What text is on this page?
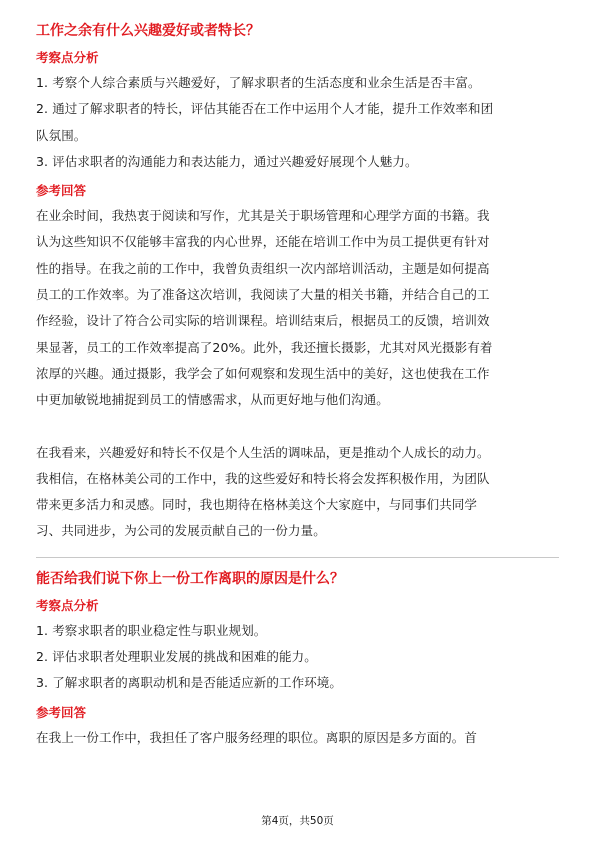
工作之余有什么兴趣爱好或者特长？

考察点分析

1. 考察个人综合素质与兴趣爱好，了解求职者的生活态度和业余生活是否丰富。

2. 通过了解求职者的特长，评估其能否在工作中运用个人才能，提升工作效率和团

队氛围。

3. 评估求职者的沟通能力和表达能力，通过兴趣爱好展现个人魅力。

参考回答

在业余时间，我热衷于阅读和写作，尤其是关于职场管理和心理学方面的书籍。我

认为这些知识不仅能够丰富我的内心世界，还能在培训工作中为员工提供更有针对

性的指导。在我之前的工作中，我曾负责组织一次内部培训活动，主题是如何提高

员工的工作效率。为了准备这次培训，我阅读了大量的相关书籍，并结合自己的工

作经验，设计了符合公司实际的培训课程。培训结束后，根据员工的反馈，培训效

果显著，员工的工作效率提高了20%。此外，我还擅长摄影，尤其对风光摄影有着

浓厚的兴趣。通过摄影，我学会了如何观察和发现生活中的美好，这也使我在工作

中更加敏锐地捕捉到员工的情感需求，从而更好地与他们沟通。

在我看来，兴趣爱好和特长不仅是个人生活的调味品，更是推动个人成长的动力。

我相信，在格林美公司的工作中，我的这些爱好和特长将会发挥积极作用，为团队

带来更多活力和灵感。同时，我也期待在格林美这个大家庭中，与同事们共同学

习、共同进步，为公司的发展贡献自己的一份力量。

能否给我们说下你上一份工作离职的原因是什么？

考察点分析

1. 考察求职者的职业稳定性与职业规划。

2. 评估求职者处理职业发展的挑战和困难的能力。

3. 了解求职者的离职动机和是否能适应新的工作环境。

参考回答

在我上一份工作中，我担任了客户服务经理的职位。离职的原因是多方面的。首

第4页，共50页
